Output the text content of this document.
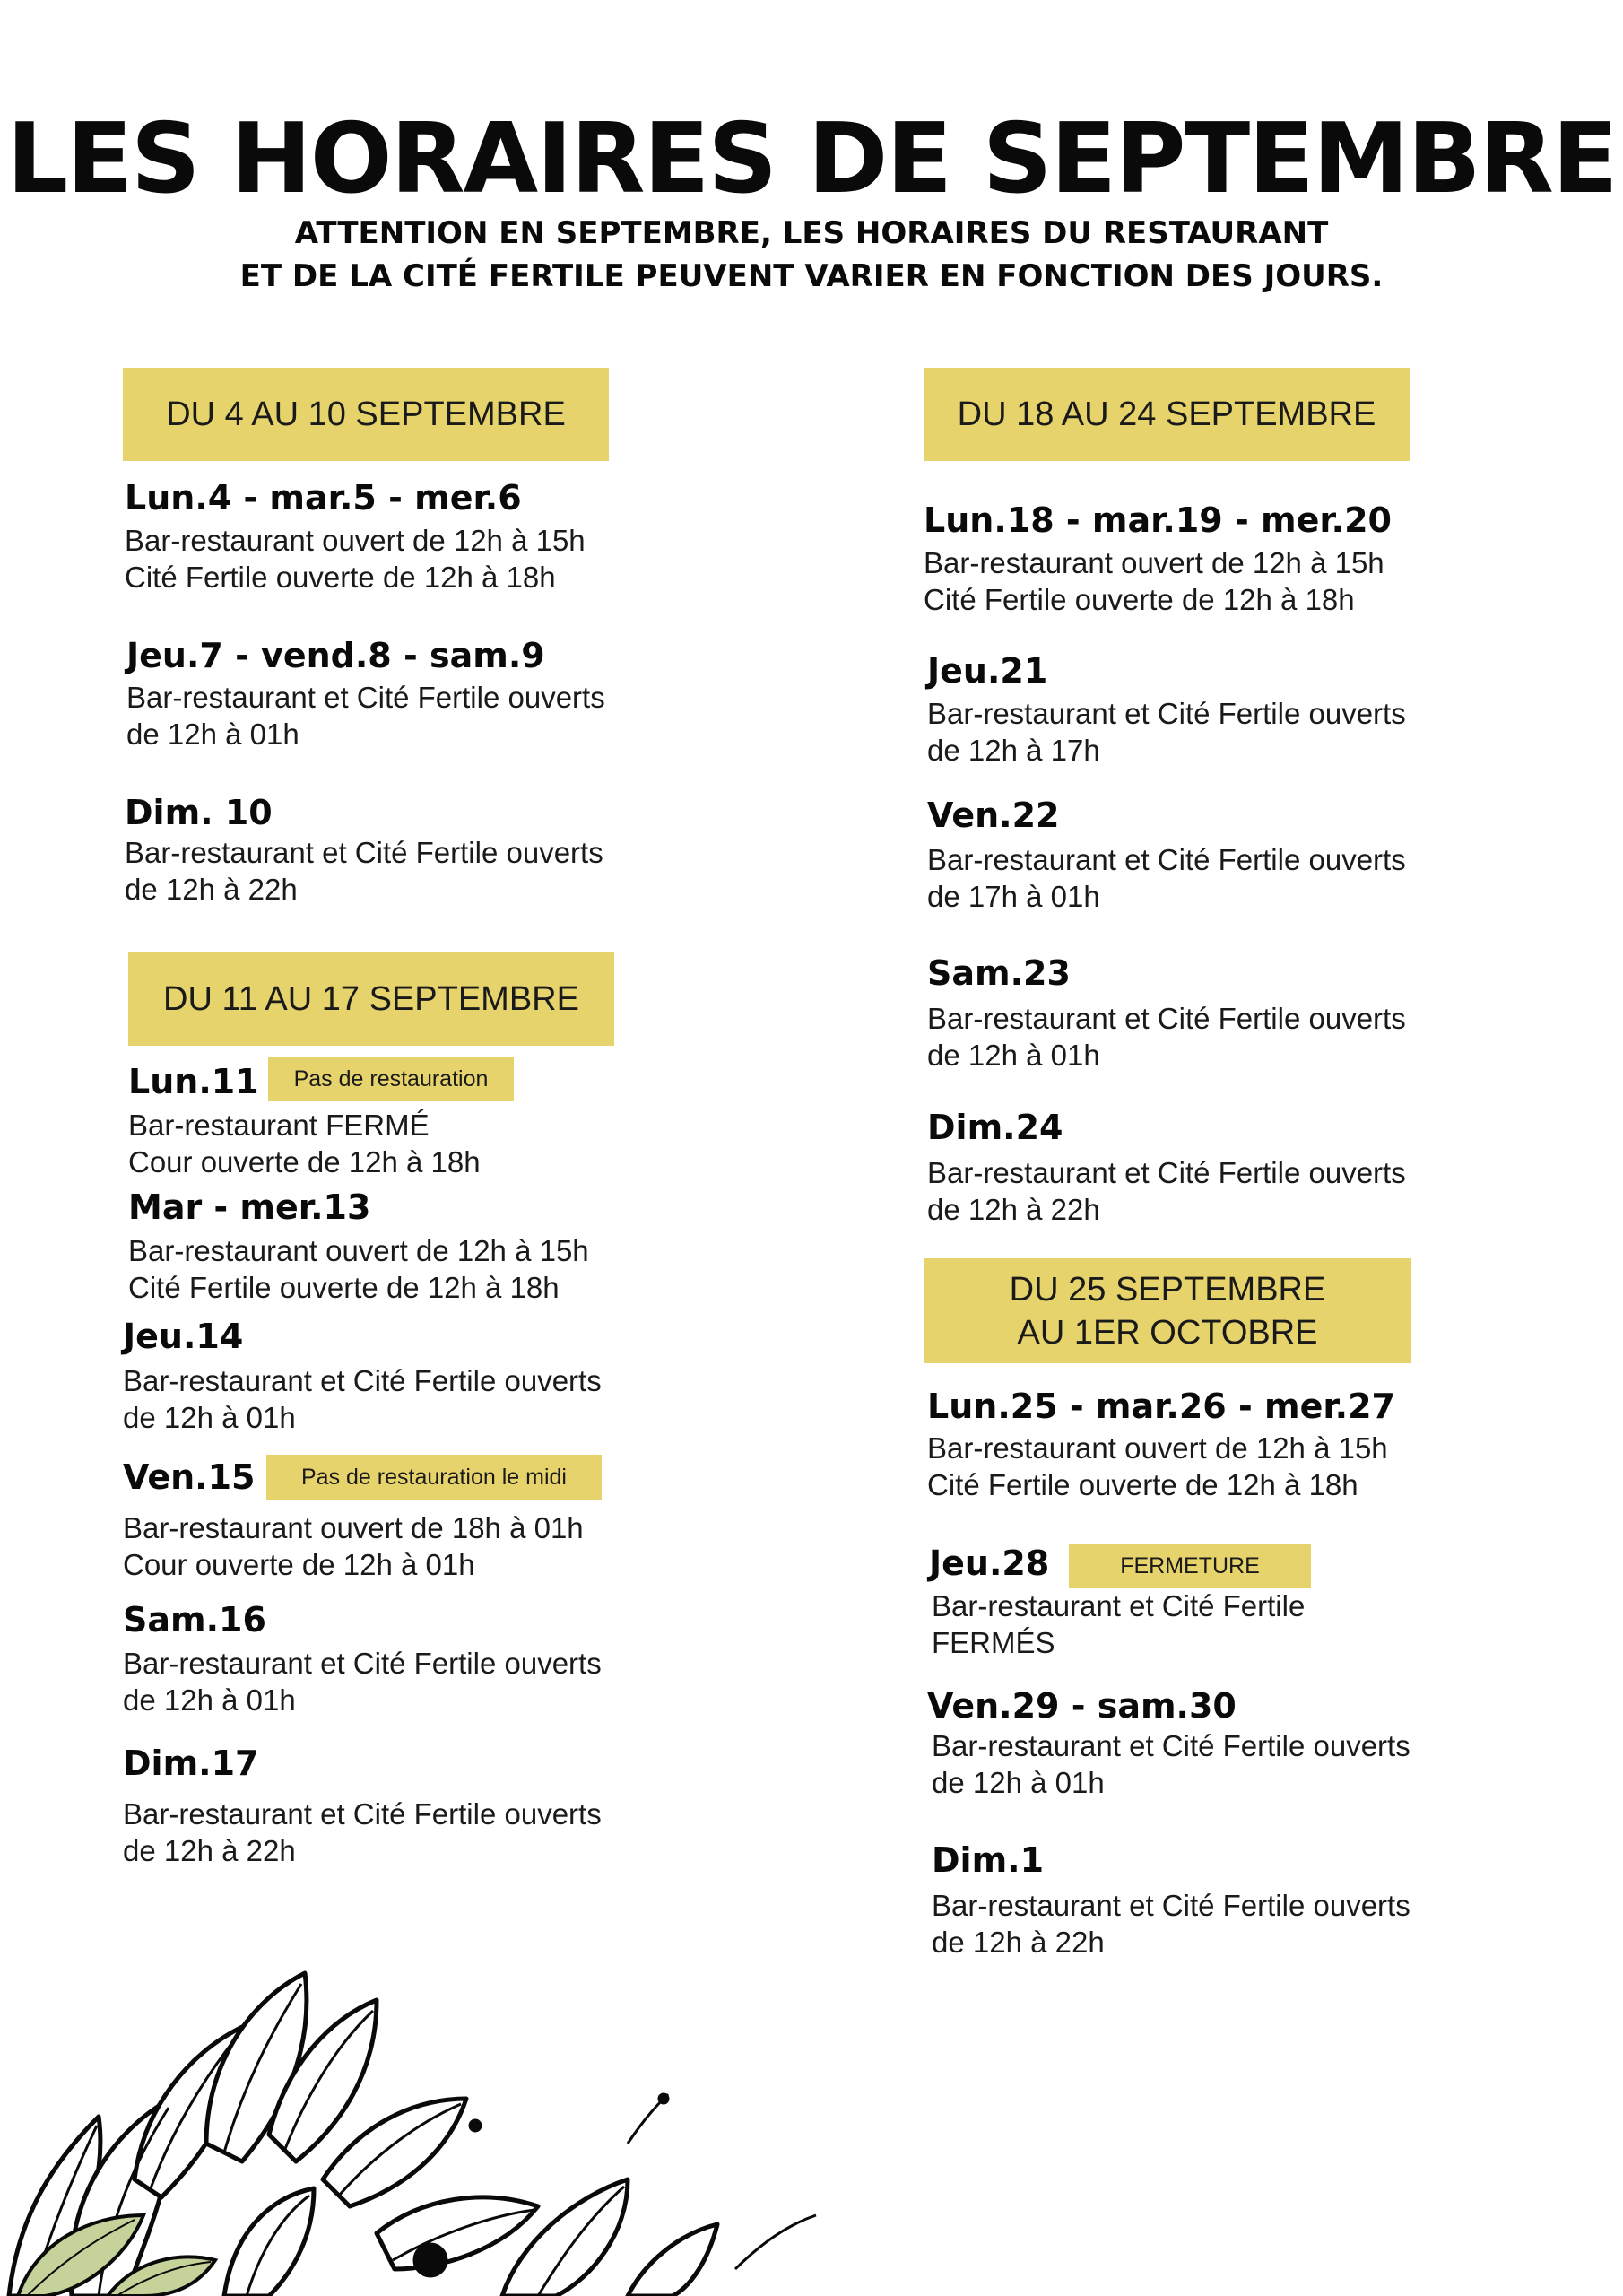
LES HORAIRES DE SEPTEMBRE
ATTENTION EN SEPTEMBRE, LES HORAIRES DU RESTAURANT
ET DE LA CITÉ FERTILE PEUVENT VARIER EN FONCTION DES JOURS.
DU 4 AU 10 SEPTEMBRE
Lun.4 - mar.5 - mer.6
Bar-restaurant ouvert de 12h à 15h
Cité Fertile ouverte de 12h à 18h
Jeu.7 - vend.8 - sam.9
Bar-restaurant et Cité Fertile ouverts
de 12h à 01h
Dim. 10
Bar-restaurant et Cité Fertile ouverts
de 12h à 22h
DU 11 AU 17 SEPTEMBRE
Lun.11	Pas de restauration
Bar-restaurant FERMÉ
Cour ouverte de 12h à 18h
Mar - mer.13
Bar-restaurant ouvert de 12h à 15h
Cité Fertile ouverte de 12h à 18h
Jeu.14
Bar-restaurant et Cité Fertile ouverts
de 12h à 01h
Ven.15	Pas de restauration le midi
Bar-restaurant ouvert de 18h à 01h
Cour ouverte de 12h à 01h
Sam.16
Bar-restaurant et Cité Fertile ouverts
de 12h à 01h
Dim.17
Bar-restaurant et Cité Fertile ouverts
de 12h à 22h
DU 18 AU 24 SEPTEMBRE
Lun.18 - mar.19 - mer.20
Bar-restaurant ouvert de 12h à 15h
Cité Fertile ouverte de 12h à 18h
Jeu.21
Bar-restaurant et Cité Fertile ouverts
de 12h à 17h
Ven.22
Bar-restaurant et Cité Fertile ouverts
de 17h à 01h
Sam.23
Bar-restaurant et Cité Fertile ouverts
de 12h à 01h
Dim.24
Bar-restaurant et Cité Fertile ouverts
de 12h à 22h
DU 25 SEPTEMBRE
AU 1ER OCTOBRE
Lun.25 - mar.26 - mer.27
Bar-restaurant ouvert de 12h à 15h
Cité Fertile ouverte de 12h à 18h
Jeu.28	FERMETURE
Bar-restaurant et Cité Fertile
FERMÉS
Ven.29 - sam.30
Bar-restaurant et Cité Fertile ouverts
de 12h à 01h
Dim.1
Bar-restaurant et Cité Fertile ouverts
de 12h à 22h
